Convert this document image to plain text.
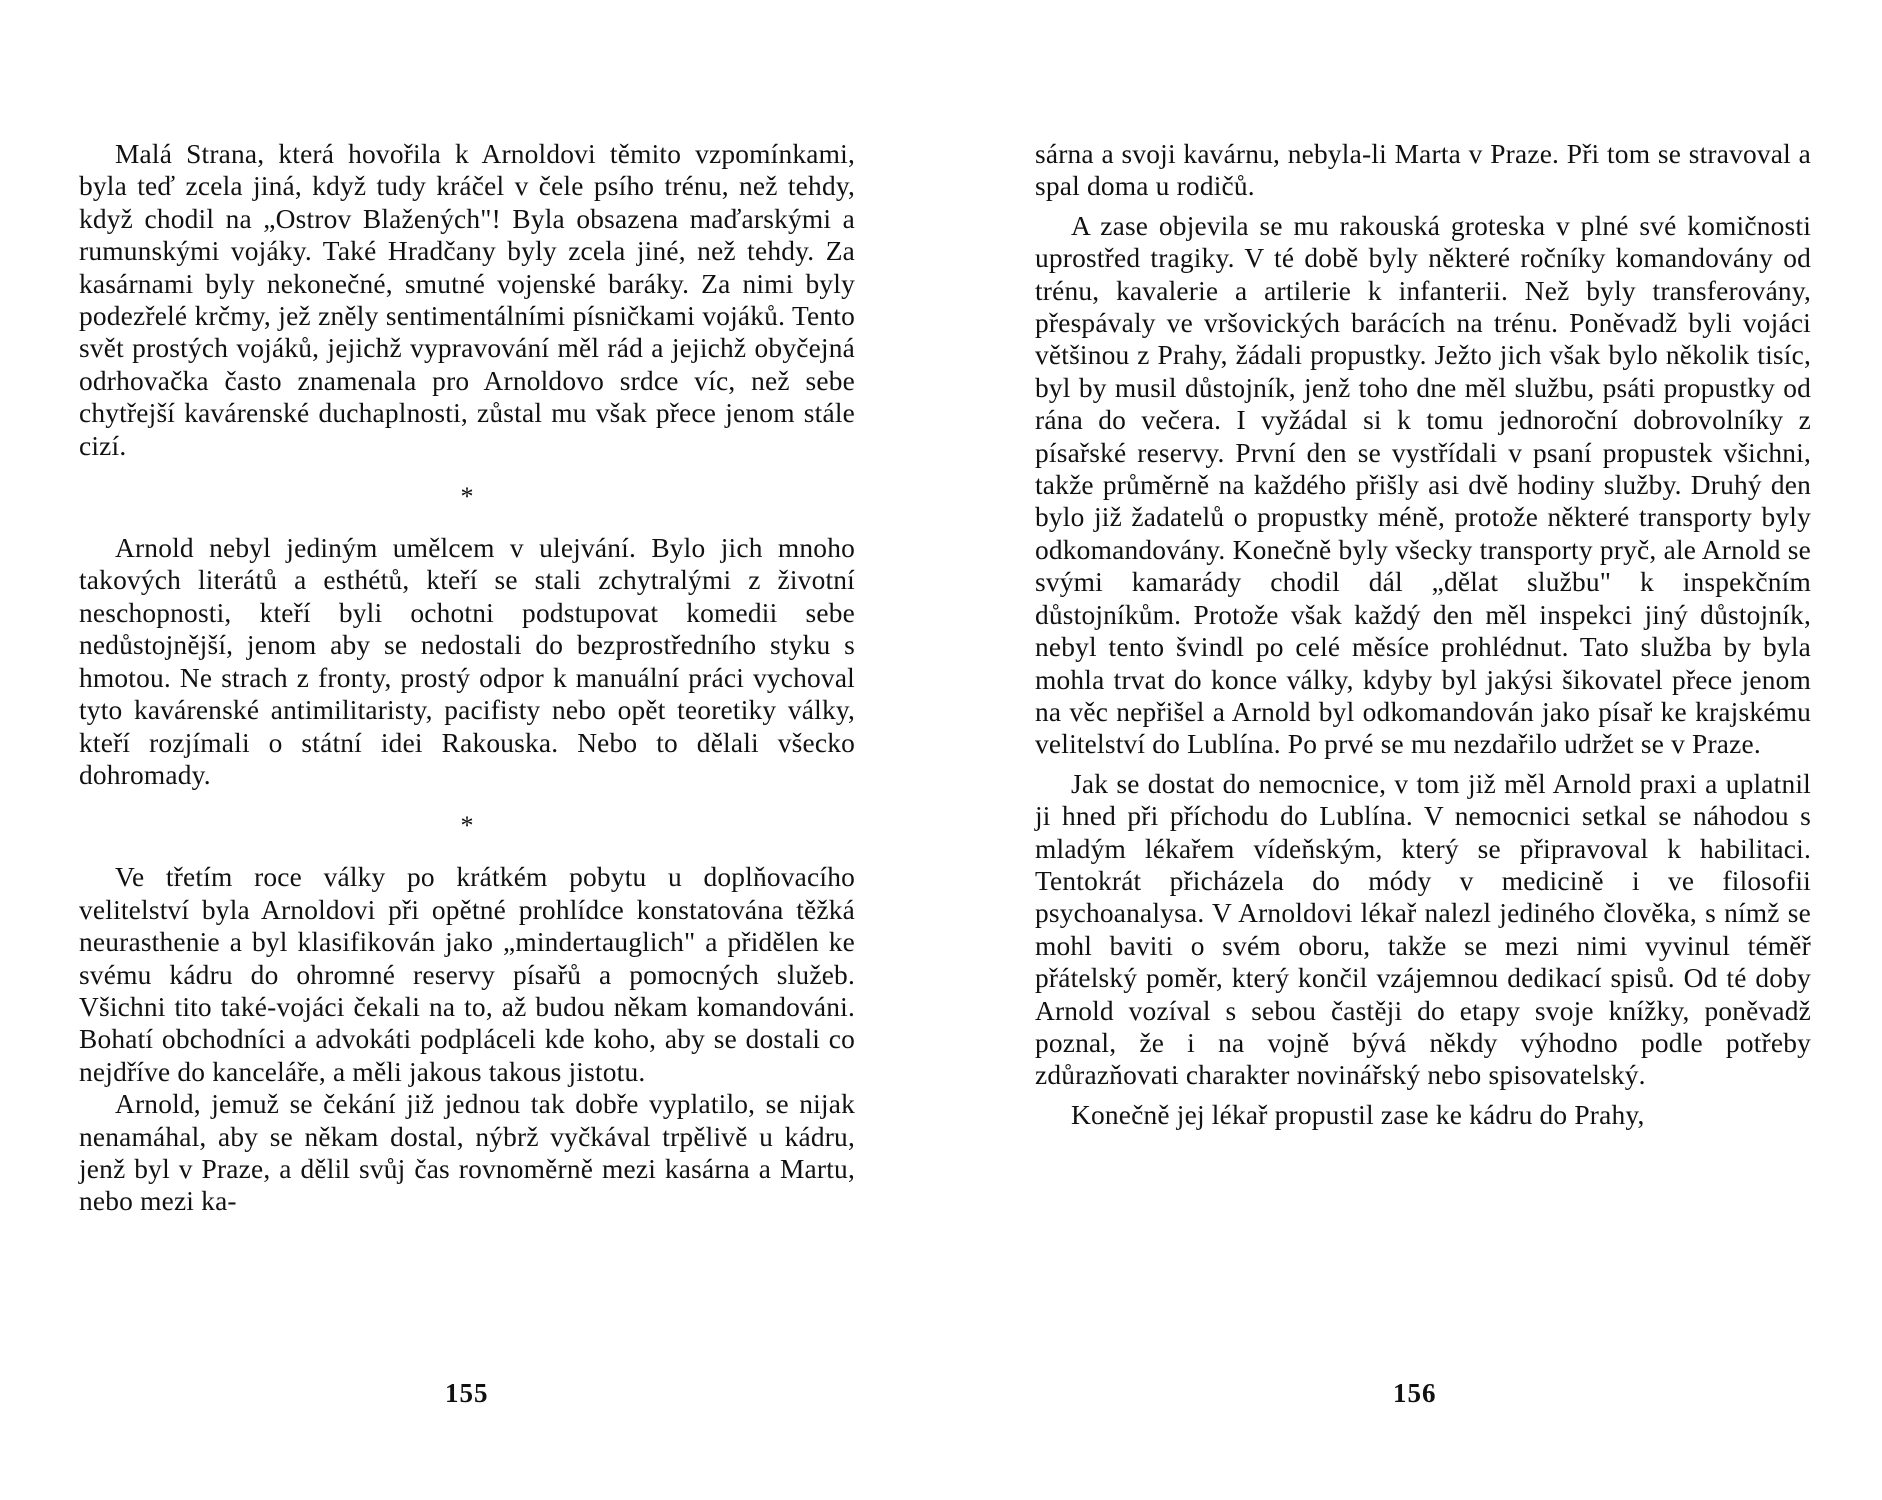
Malá Strana, která hovořila k Arnoldovi těmito vzpomínkami, byla teď zcela jiná, když tudy kráčel v čele psího trénu, než tehdy, když chodil na „Ostrov Blažených"! Byla obsazena maďarskými a rumunskými vojáky. Také Hradčany byly zcela jiné, než tehdy. Za kasárnami byly nekonečné, smutné vojenské baráky. Za nimi byly podezřelé krčmy, jež zněly sentimentálními písničkami vojáků. Tento svět prostých vojáků, jejichž vypravování měl rád a jejichž obyčejná odrhovačka často znamenala pro Arnoldovo srdce víc, než sebe chytřejší kavárenské duchaplnosti, zůstal mu však přece jenom stále cizí.

*

Arnold nebyl jediným umělcem v ulejvání. Bylo jich mnoho takových literátů a esthétů, kteří se stali zchytralými z životní neschopnosti, kteří byli ochotni podstupovat komedii sebe nedůstojnější, jenom aby se nedostali do bezprostředního styku s hmotou. Ne strach z fronty, prostý odpor k manuální práci vychoval tyto kavárenské antimilitaristy, pacifisty nebo opět teoretiky války, kteří rozjímali o státní idei Rakouska. Nebo to dělali všecko dohromady.

*

Ve třetím roce války po krátkém pobytu u doplňovacího velitelství byla Arnoldovi při opětné prohlídce konstatována těžká neurasthenie a byl klasifikován jako „mindertauglich" a přidělen ke svému kádru do ohromné reservy písařů a pomocných služeb. Všichni tito také-vojáci čekali na to, až budou někam komandováni. Bohatí obchodníci a advokáti podpláceli kde koho, aby se dostali co nejdříve do kanceláře, a měli jakous takous jistotu.

Arnold, jemuž se čekání již jednou tak dobře vyplatilo, se nijak nenamáhal, aby se někam dostal, nýbrž vyčkával trpělivě u kádru, jenž byl v Praze, a dělil svůj čas rovnoměrně mezi kasárna a Martu, nebo mezi ka-

155

sárna a svoji kavárnu, nebyla-li Marta v Praze. Při tom se stravoval a spal doma u rodičů.

A zase objevila se mu rakouská groteska v plné své komičnosti uprostřed tragiky. V té době byly některé ročníky komandovány od trénu, kavalerie a artilerie k infanterii. Než byly transferovány, přespávaly ve vršovických barácích na trénu. Poněvadž byli vojáci většinou z Prahy, žádali propustky. Ježto jich však bylo několik tisíc, byl by musil důstojník, jenž toho dne měl službu, psáti propustky od rána do večera. I vyžádal si k tomu jednoroční dobrovolníky z písařské reservy. První den se vystřídali v psaní propustek všichni, takže průměrně na každého přišly asi dvě hodiny služby. Druhý den bylo již žadatelů o propustky méně, protože některé transporty byly odkomandovány. Konečně byly všecky transporty pryč, ale Arnold se svými kamarády chodil dál „dělat službu" k inspekčním důstojníkům. Protože však každý den měl inspekci jiný důstojník, nebyl tento švindl po celé měsíce prohlédnut. Tato služba by byla mohla trvat do konce války, kdyby byl jakýsi šikovatel přece jenom na věc nepřišel a Arnold byl odkomandován jako písař ke krajskému velitelství do Lublína. Po prvé se mu nezdařilo udržet se v Praze.

Jak se dostat do nemocnice, v tom již měl Arnold praxi a uplatnil ji hned při příchodu do Lublína. V nemocnici setkal se náhodou s mladým lékařem vídeňským, který se připravoval k habilitaci. Tentokrát přicházela do módy v medicině i ve filosofii psychoanalysa. V Arnoldovi lékař nalezl jediného člověka, s nímž se mohl baviti o svém oboru, takže se mezi nimi vyvinul téměř přátelský poměr, který končil vzájemnou dedikací spisů. Od té doby Arnold vozíval s sebou častěji do etapy svoje knížky, poněvadž poznal, že i na vojně bývá někdy výhodno podle potřeby zdůrazňovati charakter novinářský nebo spisovatelský.

Konečně jej lékař propustil zase ke kádru do Prahy,

156
